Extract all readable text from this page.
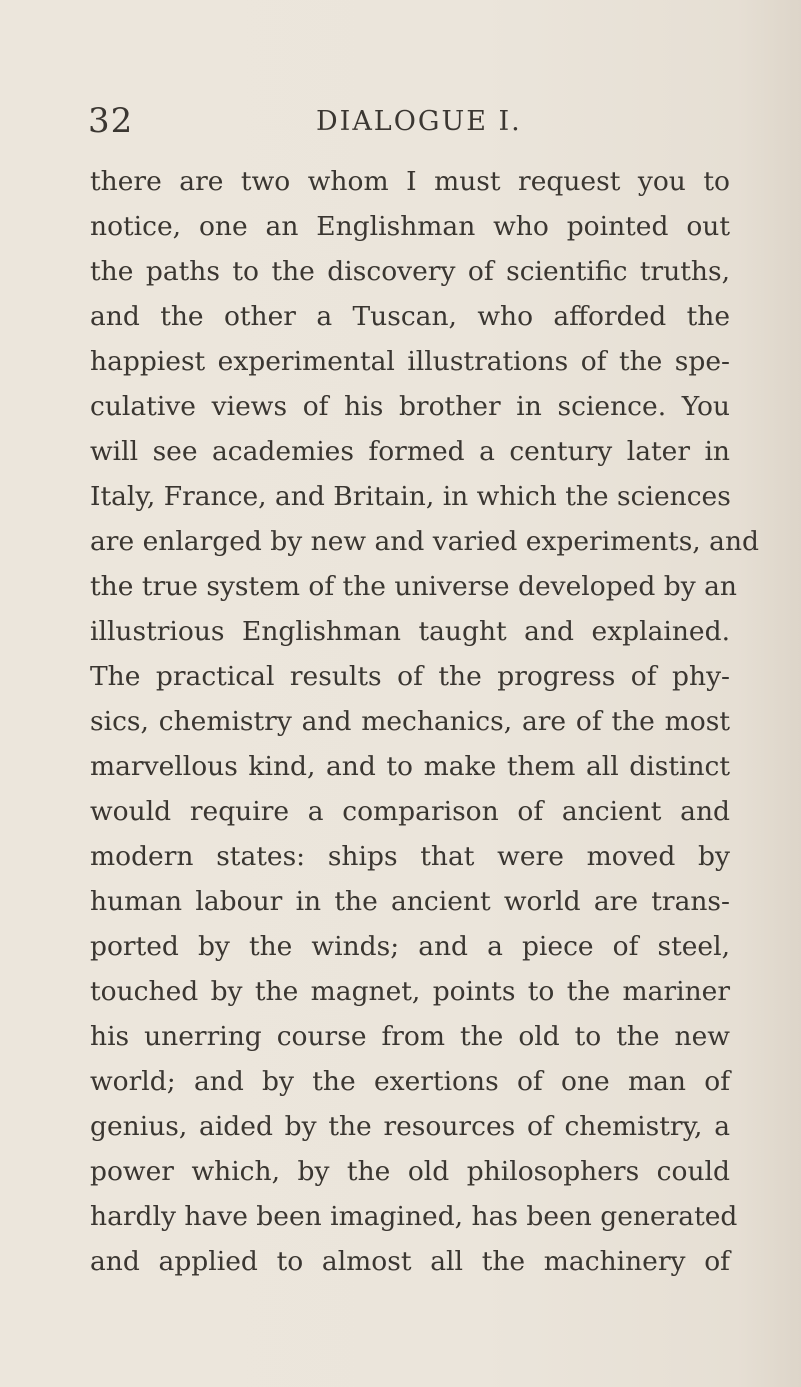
32	DIALOGUE I.
there are two whom I must request you to
notice, one an Englishman who pointed out
the paths to the discovery of scientific truths,
and the other a Tuscan, who afforded the
happiest experimental illustrations of the spe-
culative views of his brother in science. You
will see academies formed a century later in
Italy, France, and Britain, in which the sciences
are enlarged by new and varied experiments, and
the true system of the universe developed by an
illustrious Englishman taught and explained.
The practical results of the progress of phy-
sics, chemistry and mechanics, are of the most
marvellous kind, and to make them all distinct
would require a comparison of ancient and
modern states: ships that were moved by
human labour in the ancient world are trans-
ported by the winds; and a piece of steel,
touched by the magnet, points to the mariner
his unerring course from the old to the new
world; and by the exertions of one man of
genius, aided by the resources of chemistry, a
power which, by the old philosophers could
hardly have been imagined, has been generated
and applied to almost all the machinery of
